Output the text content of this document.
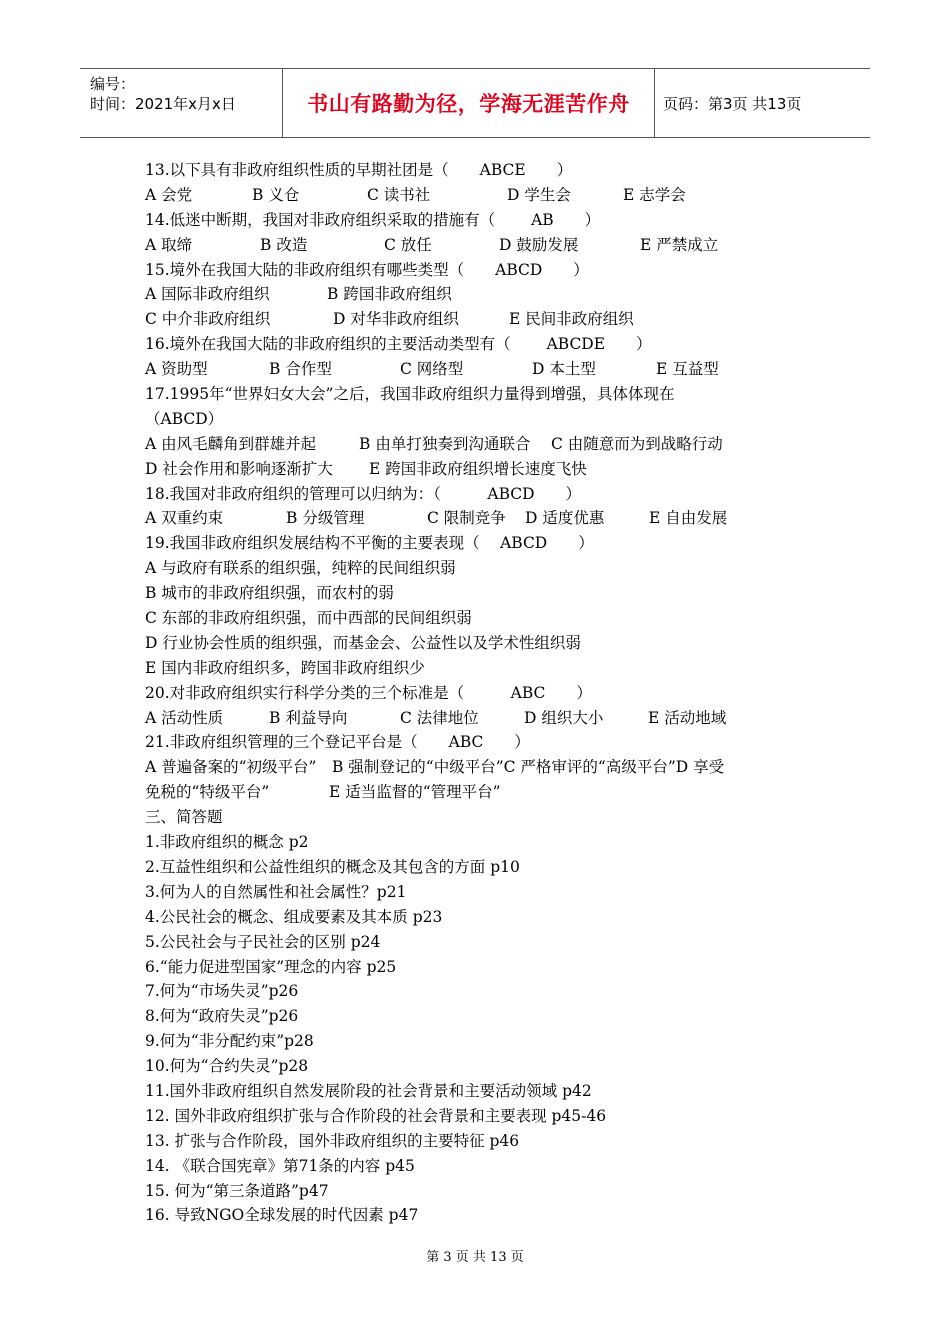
编号：
时间：2021年x月x日	书山有路勤为径，学海无涯苦作舟 页码：第3页 共13页
13.以下具有非政府组织性质的早期社团是（　　ABCE　　）
A 会党	B 义仓	C 读书社	D 学生会	E 志学会
14.低迷中断期，我国对非政府组织采取的措施有（　　 AB　　）
A 取缔	B 改造	C 放任	D 鼓励发展	E 严禁成立
15.境外在我国大陆的非政府组织有哪些类型（　　ABCD　　）
A 国际非政府组织	B 跨国非政府组织
C 中介非政府组织	D 对华非政府组织	E 民间非政府组织
16.境外在我国大陆的非政府组织的主要活动类型有（　　 ABCDE　　）
A 资助型	B 合作型	C 网络型	D 本土型	E 互益型
17.1995年“世界妇女大会”之后，我国非政府组织力量得到增强，具体体现在
（ABCD）
A 由风毛麟角到群雄并起	B 由单打独奏到沟通联合 C 由随意而为到战略行动
D 社会作用和影响逐渐扩大 E 跨国非政府组织增长速度飞快
18.我国对非政府组织的管理可以归纳为：（　　　ABCD　　）
A 双重约束	B 分级管理	C 限制竞争 D 适度优惠	E 自由发展
19.我国非政府组织发展结构不平衡的主要表现（　 ABCD　　）
A 与政府有联系的组织强，纯粹的民间组织弱
B 城市的非政府组织强，而农村的弱
C 东部的非政府组织强，而中西部的民间组织弱
D 行业协会性质的组织强，而基金会、公益性以及学术性组织弱
E 国内非政府组织多，跨国非政府组织少
20.对非政府组织实行科学分类的三个标准是（　　　ABC　　）
A 活动性质	B 利益导向	C 法律地位	D 组织大小	E 活动地域
21.非政府组织管理的三个登记平台是（　　ABC　　）
A 普遍备案的“初级平台”　B 强制登记的“中级平台”C 严格审评的“高级平台”D 享受
免税的“特级平台”	E 适当监督的“管理平台”
三、简答题
1.非政府组织的概念 p2
2.互益性组织和公益性组织的概念及其包含的方面 p10
3.何为人的自然属性和社会属性？p21
4.公民社会的概念、组成要素及其本质 p23
5.公民社会与子民社会的区别 p24
6.“能力促进型国家”理念的内容 p25
7.何为“市场失灵”p26
8.何为“政府失灵”p26
9.何为“非分配约束”p28
10.何为“合约失灵”p28
11.国外非政府组织自然发展阶段的社会背景和主要活动领域 p42
12. 国外非政府组织扩张与合作阶段的社会背景和主要表现 p45-46
13. 扩张与合作阶段，国外非政府组织的主要特征 p46
14. 《联合国宪章》第71条的内容 p45
15. 何为“第三条道路”p47
16. 导致NGO全球发展的时代因素 p47
第 3 页 共 13 页
